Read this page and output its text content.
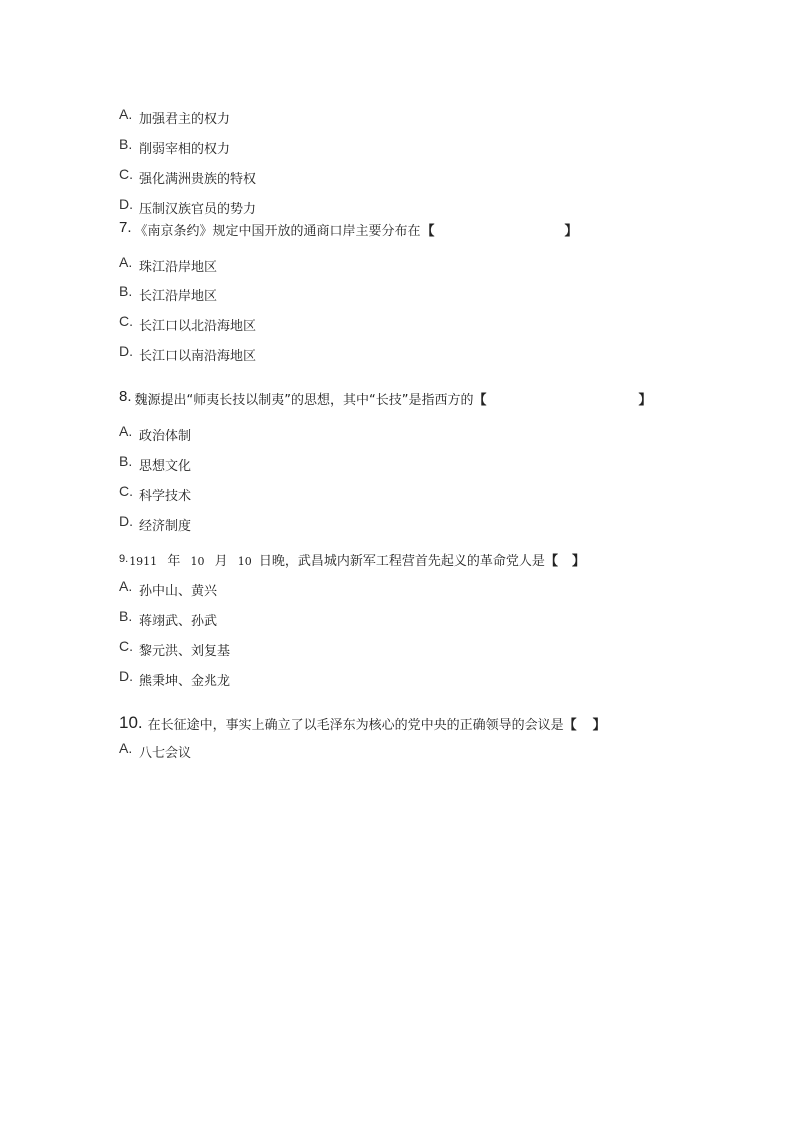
A. 加强君主的权力
B. 削弱宰相的权力
C. 强化满洲贵族的特权
D. 压制汉族官员的势力
7. 《南京条约》规定中国开放的通商口岸主要分布在 【	】
A. 珠江沿岸地区
B. 长江沿岸地区
C. 长江口以北沿海地区
D. 长江口以南沿海地区
8. 魏源提出“师夷长技以制夷”的思想，其中“长技”是指西方的 【	】
A. 政治体制
B. 思想文化
C. 科学技术
D. 经济制度
9. 1911 年 10 月 10 日晚，武昌城内新军工程营首先起义的革命党人是 【 】
A. 孙中山、黄兴
B. 蒋翊武、孙武
C. 黎元洪、刘复基
D. 熊秉坤、金兆龙
10. 在长征途中，事实上确立了以毛泽东为核心的党中央的正确领导的会议是 【 】
A. 八七会议
